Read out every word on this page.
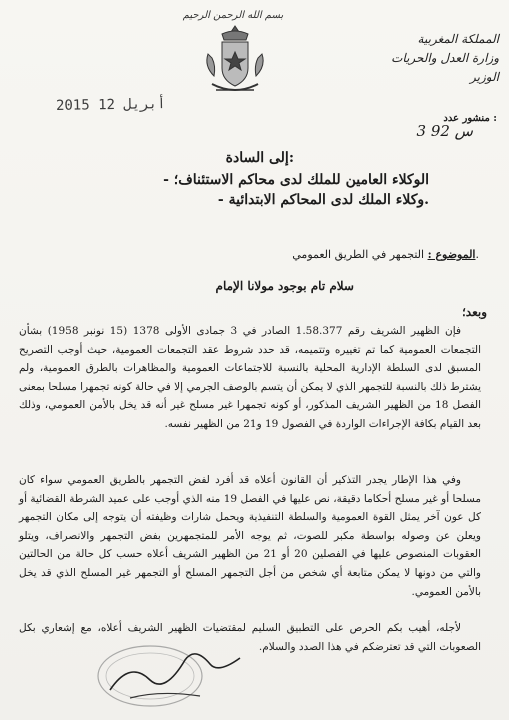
بسم الله الرحمن الرحيم
المملكة المغربية
وزارة العدل والحريات
الوزير
منشور عدد :
3 س 92
2015 أبريل 12
إلى السادة:
- الوكلاء العامين للملك لدى محاكم الاستئناف؛
- وكلاء الملك لدى المحاكم الابتدائية.
الموضوع : التجمهر في الطريق العمومي.
سلام تام بوجود مولانا الإمام
وبعد؛

فإن الظهير الشريف رقم 1.58.377 الصادر في 3 جمادى الأولى 1378 (15 نونبر 1958) بشأن التجمعات العمومية كما تم تغييره وتتميمه، قد حدد شروط عقد التجمعات العمومية، حيث أوجب التصريح المسبق لدى السلطة الإدارية المحلية بالنسبة للاجتماعات العمومية والمظاهرات بالطرق العمومية، ولم يشترط ذلك بالنسبة للتجمهر الذي لا يمكن أن يتسم بالوصف الجرمي إلا في حالة كونه تجمهرا مسلحا بمعنى الفصل 18 من الظهير الشريف المذكور، أو كونه تجمهرا غير مسلح غير أنه قد يخل بالأمن العمومي، وذلك بعد القيام بكافة الإجراءات الواردة في الفصول 19 و21 من الظهير نفسه.

وفي هذا الإطار يجدر التذكير أن القانون أعلاه قد أفرد لفض التجمهر بالطريق العمومي سواء كان مسلحا أو غير مسلح أحكاما دقيقة، نص عليها في الفصل 19 منه الذي أوجب على عميد الشرطة القضائية أو كل عون آخر يمثل القوة العمومية والسلطة التنفيذية ويحمل شارات وظيفته أن يتوجه إلى مكان التجمهر ويعلن عن وصوله بواسطة مكبر للصوت، ثم يوجه الأمر للمتجمهرين بفض التجمهر والانصراف، ويتلو العقوبات المنصوص عليها في الفصلين 20 أو 21 من الظهير الشريف أعلاه حسب كل حالة من الحالتين والتي من دونها لا يمكن متابعة أي شخص من أجل التجمهر المسلح أو التجمهر غير المسلح الذي قد يخل بالأمن العمومي.

لأجله، أهيب بكم الحرص على التطبيق السليم لمقتضيات الظهير الشريف أعلاه، مع إشعاري بكل الصعوبات التي قد تعترضكم في هذا الصدد والسلام.
